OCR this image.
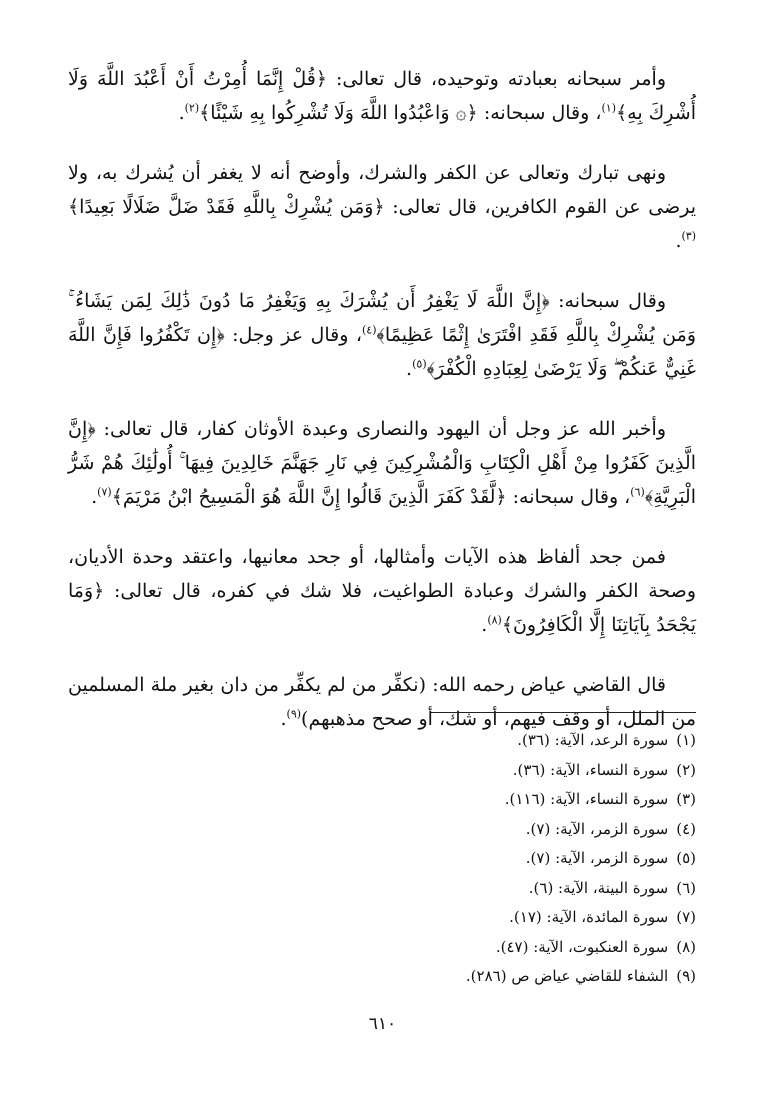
وأمر سبحانه بعبادته وتوحيده، قال تعالى: ﴿قُلْ إِنَّمَا أُمِرْتُ أَنْ أَعْبُدَ اللَّهَ وَلَا أُشْرِكَ بِهِ﴾$^{(١)}$، وقال سبحانه: ﴿۞ وَاعْبُدُوا اللَّهَ وَلَا تُشْرِكُوا بِهِ شَيْئًا﴾$^{(٢)}$.

ونهى تبارك وتعالى عن الكفر والشرك، وأوضح أنه لا يغفر أن يُشرك به، ولا يرضى عن القوم الكافرين، قال تعالى: ﴿وَمَن يُشْرِكْ بِاللَّهِ فَقَدْ ضَلَّ ضَلَالًا بَعِيدًا﴾$^{(٣)}$.

وقال سبحانه: ﴿إِنَّ اللَّهَ لَا يَغْفِرُ أَن يُشْرَكَ بِهِ وَيَغْفِرُ مَا دُونَ ذَٰلِكَ لِمَن يَشَاءُ ۚ وَمَن يُشْرِكْ بِاللَّهِ فَقَدِ افْتَرَىٰ إِثْمًا عَظِيمًا﴾$^{(٤)}$، وقال عز وجل: ﴿إِن تَكْفُرُوا فَإِنَّ اللَّهَ غَنِيٌّ عَنكُمْ ۖ وَلَا يَرْضَىٰ لِعِبَادِهِ الْكُفْرَ﴾$^{(٥)}$.

وأخبر الله عز وجل أن اليهود والنصارى وعبدة الأوثان كفار، قال تعالى: ﴿إِنَّ الَّذِينَ كَفَرُوا مِنْ أَهْلِ الْكِتَابِ وَالْمُشْرِكِينَ فِي نَارِ جَهَنَّمَ خَالِدِينَ فِيهَا ۚ أُولَٰئِكَ هُمْ شَرُّ الْبَرِيَّةِ﴾$^{(٦)}$، وقال سبحانه: ﴿لَّقَدْ كَفَرَ الَّذِينَ قَالُوا إِنَّ اللَّهَ هُوَ الْمَسِيحُ ابْنُ مَرْيَمَ﴾$^{(٧)}$.

فمن جحد ألفاظ هذه الآيات وأمثالها، أو جحد معانيها، واعتقد وحدة الأديان، وصحة الكفر والشرك وعبادة الطواغيت، فلا شك في كفره، قال تعالى: ﴿وَمَا يَجْحَدُ بِآيَاتِنَا إِلَّا الْكَافِرُونَ﴾$^{(٨)}$.

قال القاضي عياض رحمه الله: (نكفِّر من لم يكفِّر من دان بغير ملة المسلمين من الملل، أو وقف فيهم، أو شك، أو صحح مذهبهم)$^{(٩)}$.

(١)سورة الرعد، الآية: (٣٦).
(٢)سورة النساء، الآية: (٣٦).
(٣)سورة النساء، الآية: (١١٦).
(٤)سورة الزمر، الآية: (٧).
(٥)سورة الزمر، الآية: (٧).
(٦)سورة البينة، الآية: (٦).
(٧)سورة المائدة، الآية: (١٧).
(٨)سورة العنكبوت، الآية: (٤٧).
(٩)الشفاء للقاضي عياض ص (٢٨٦).
٦١٠
